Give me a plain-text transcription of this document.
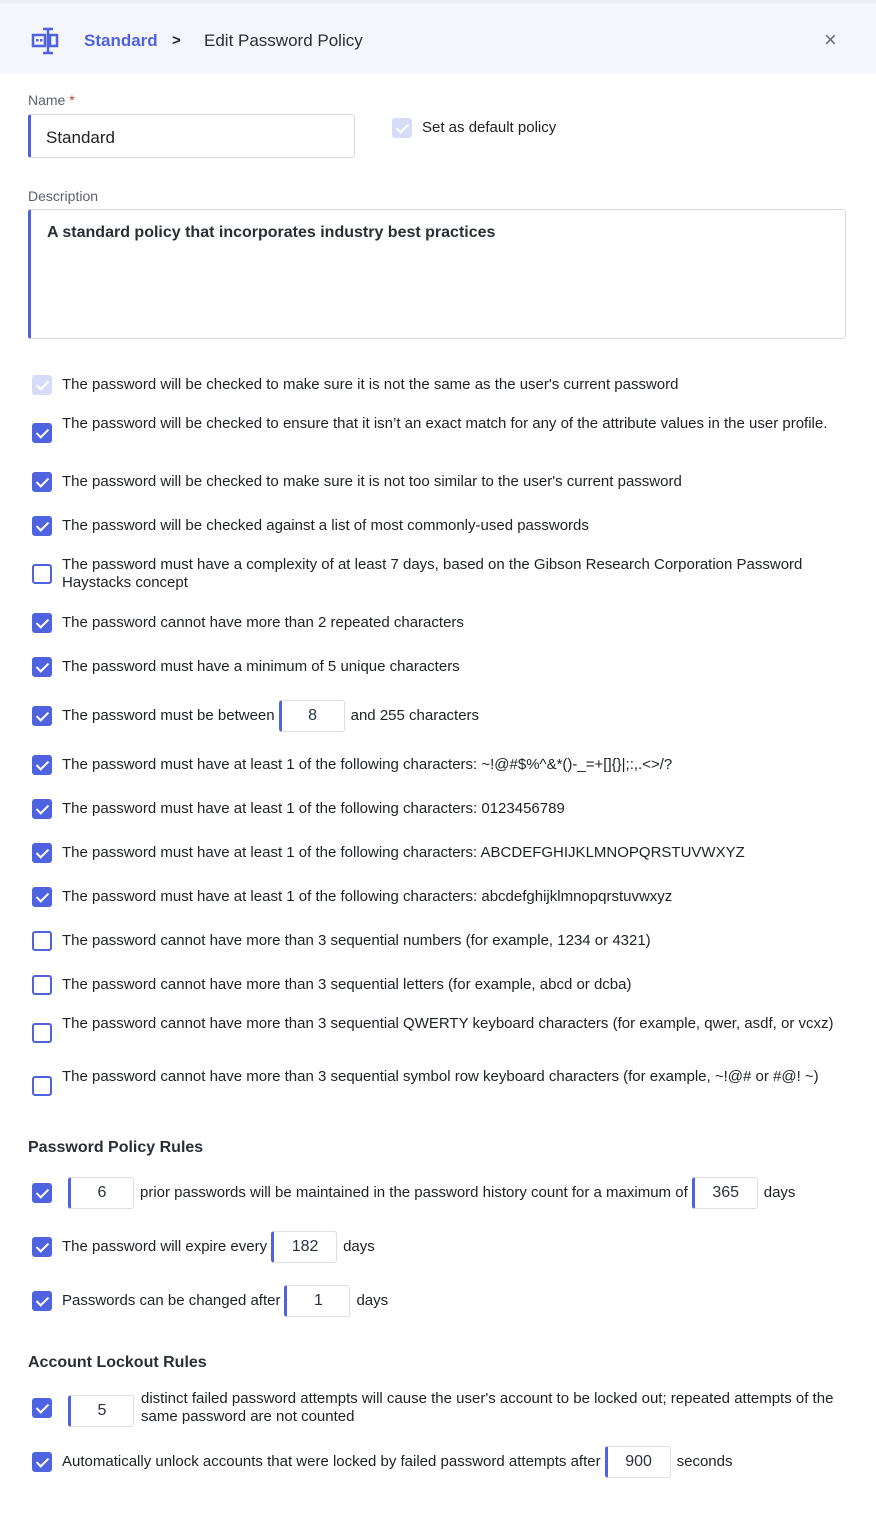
Standard > Edit Password Policy	×
Name *
Standard
Set as default policy
Description
A standard policy that incorporates industry best practices
The password will be checked to make sure it is not the same as the user's current password
The password will be checked to ensure that it isn’t an exact match for any of the attribute values in the user profile.
The password will be checked to make sure it is not too similar to the user's current password
The password will be checked against a list of most commonly-used passwords
The password must have a complexity of at least 7 days, based on the Gibson Research Corporation Password Haystacks concept
The password cannot have more than 2 repeated characters
The password must have a minimum of 5 unique characters
The password must be between 8 and 255 characters
The password must have at least 1 of the following characters: ~!@#$%^&*()-_=+[]{}|;:,.<>/?
The password must have at least 1 of the following characters: 0123456789
The password must have at least 1 of the following characters: ABCDEFGHIJKLMNOPQRSTUVWXYZ
The password must have at least 1 of the following characters: abcdefghijklmnopqrstuvwxyz
The password cannot have more than 3 sequential numbers (for example, 1234 or 4321)
The password cannot have more than 3 sequential letters (for example, abcd or dcba)
The password cannot have more than 3 sequential QWERTY keyboard characters (for example, qwer, asdf, or vcxz)
The password cannot have more than 3 sequential symbol row keyboard characters (for example, ~!@# or #@! ~)
Password Policy Rules
6 prior passwords will be maintained in the password history count for a maximum of 365 days
The password will expire every 182 days
Passwords can be changed after 1 days
Account Lockout Rules
5
distinct failed password attempts will cause the user's account to be locked out; repeated attempts of the same password are not counted
Automatically unlock accounts that were locked by failed password attempts after 900 seconds
